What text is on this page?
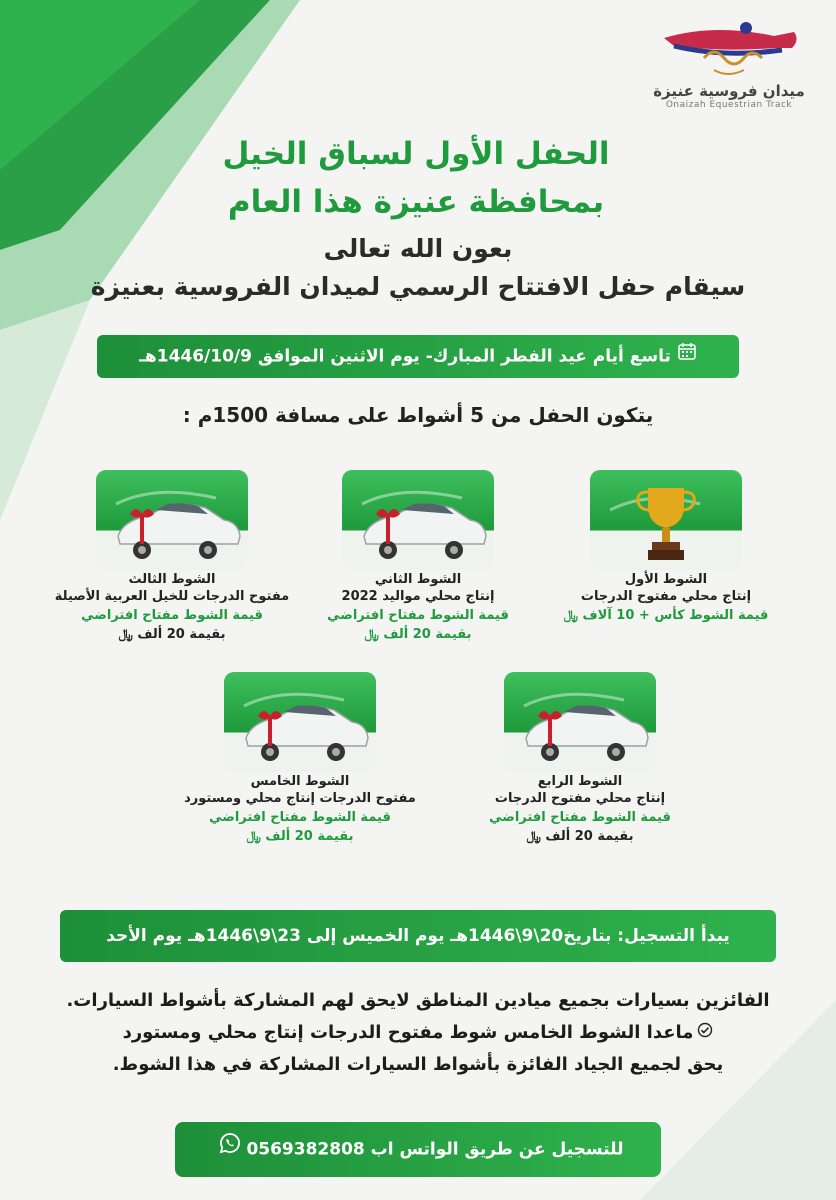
ميدان فروسية عنيزة
Onaizah Equestrian Track
الحفل الأول لسباق الخيل
بمحافظة عنيزة هذا العام
بعون الله تعالى
سيقام حفل الافتتاح الرسمي لميدان الفروسية بعنيزة
تاسع أيام عيد الفطر المبارك- يوم الاثنين الموافق 1446/10/9هـ
يتكون الحفل من 5 أشواط على مسافة 1500م :
الشوط الأول
إنتاج محلي مفتوح الدرجات
قيمة الشوط كأس + 10 آلاف ﷼
الشوط الثاني
إنتاج محلي مواليد 2022
قيمة الشوط مفتاح افتراضي
بقيمة 20 ألف ﷼
الشوط الثالث
مفتوح الدرجات للخيل العربية الأصيلة
قيمة الشوط مفتاح افتراضي
بقيمة 20 ألف ﷼
الشوط الرابع
إنتاج محلي مفتوح الدرجات
قيمة الشوط مفتاح افتراضي
بقيمة 20 ألف ﷼
الشوط الخامس
مفتوح الدرجات إنتاج محلي ومستورد
قيمة الشوط مفتاح افتراضي
بقيمة 20 ألف ﷼
يبدأ التسجيل: بتاريخ20\9\1446هـ يوم الخميس إلى 23\9\1446هـ يوم الأحد
الفائزين بسيارات بجميع ميادين المناطق لايحق لهم المشاركة بأشواط السيارات.
ماعدا الشوط الخامس شوط مفتوح الدرجات إنتاج محلي ومستورد
يحق لجميع الجياد الفائزة بأشواط السيارات المشاركة في هذا الشوط.
للتسجيل عن طريق الواتس اب 0569382808
